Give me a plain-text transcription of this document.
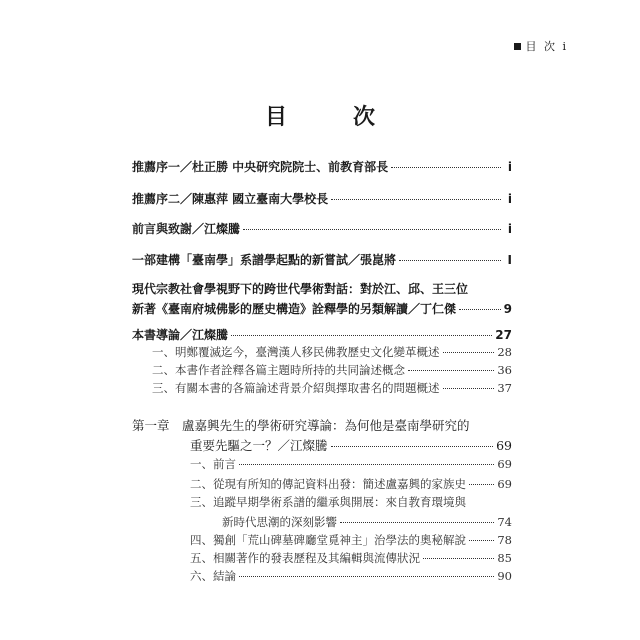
目 次 i
目　次
推薦序一／杜正勝 中央研究院院士、前教育部長	i
推薦序二／陳惠萍 國立臺南大學校長	i
前言與致謝／江燦騰	i
一部建構「臺南學」系譜學起點的新嘗試／張崑將	I
現代宗教社會學視野下的跨世代學術對話：對於江、邱、王三位
新著《臺南府城佛影的歷史構造》詮釋學的另類解讀／丁仁傑	9
本書導論／江燦騰	27
一、明鄭覆滅迄今，臺灣漢人移民佛教歷史文化變革概述	28
二、本書作者詮釋各篇主題時所持的共同論述概念	36
三、有關本書的各篇論述背景介紹與擇取書名的問題概述	37
第一章　盧嘉興先生的學術研究導論：為何他是臺南學研究的
重要先驅之一？／江燦騰	69
一、前言	69
二、從現有所知的傳記資料出發：簡述盧嘉興的家族史	69
三、追蹤早期學術系譜的繼承與開展：來自教育環境與
新時代思潮的深刻影響	74
四、獨創「荒山碑墓碑廳堂覓神主」治學法的奧秘解說	78
五、相關著作的發表歷程及其編輯與流傳狀況	85
六、結論	90
